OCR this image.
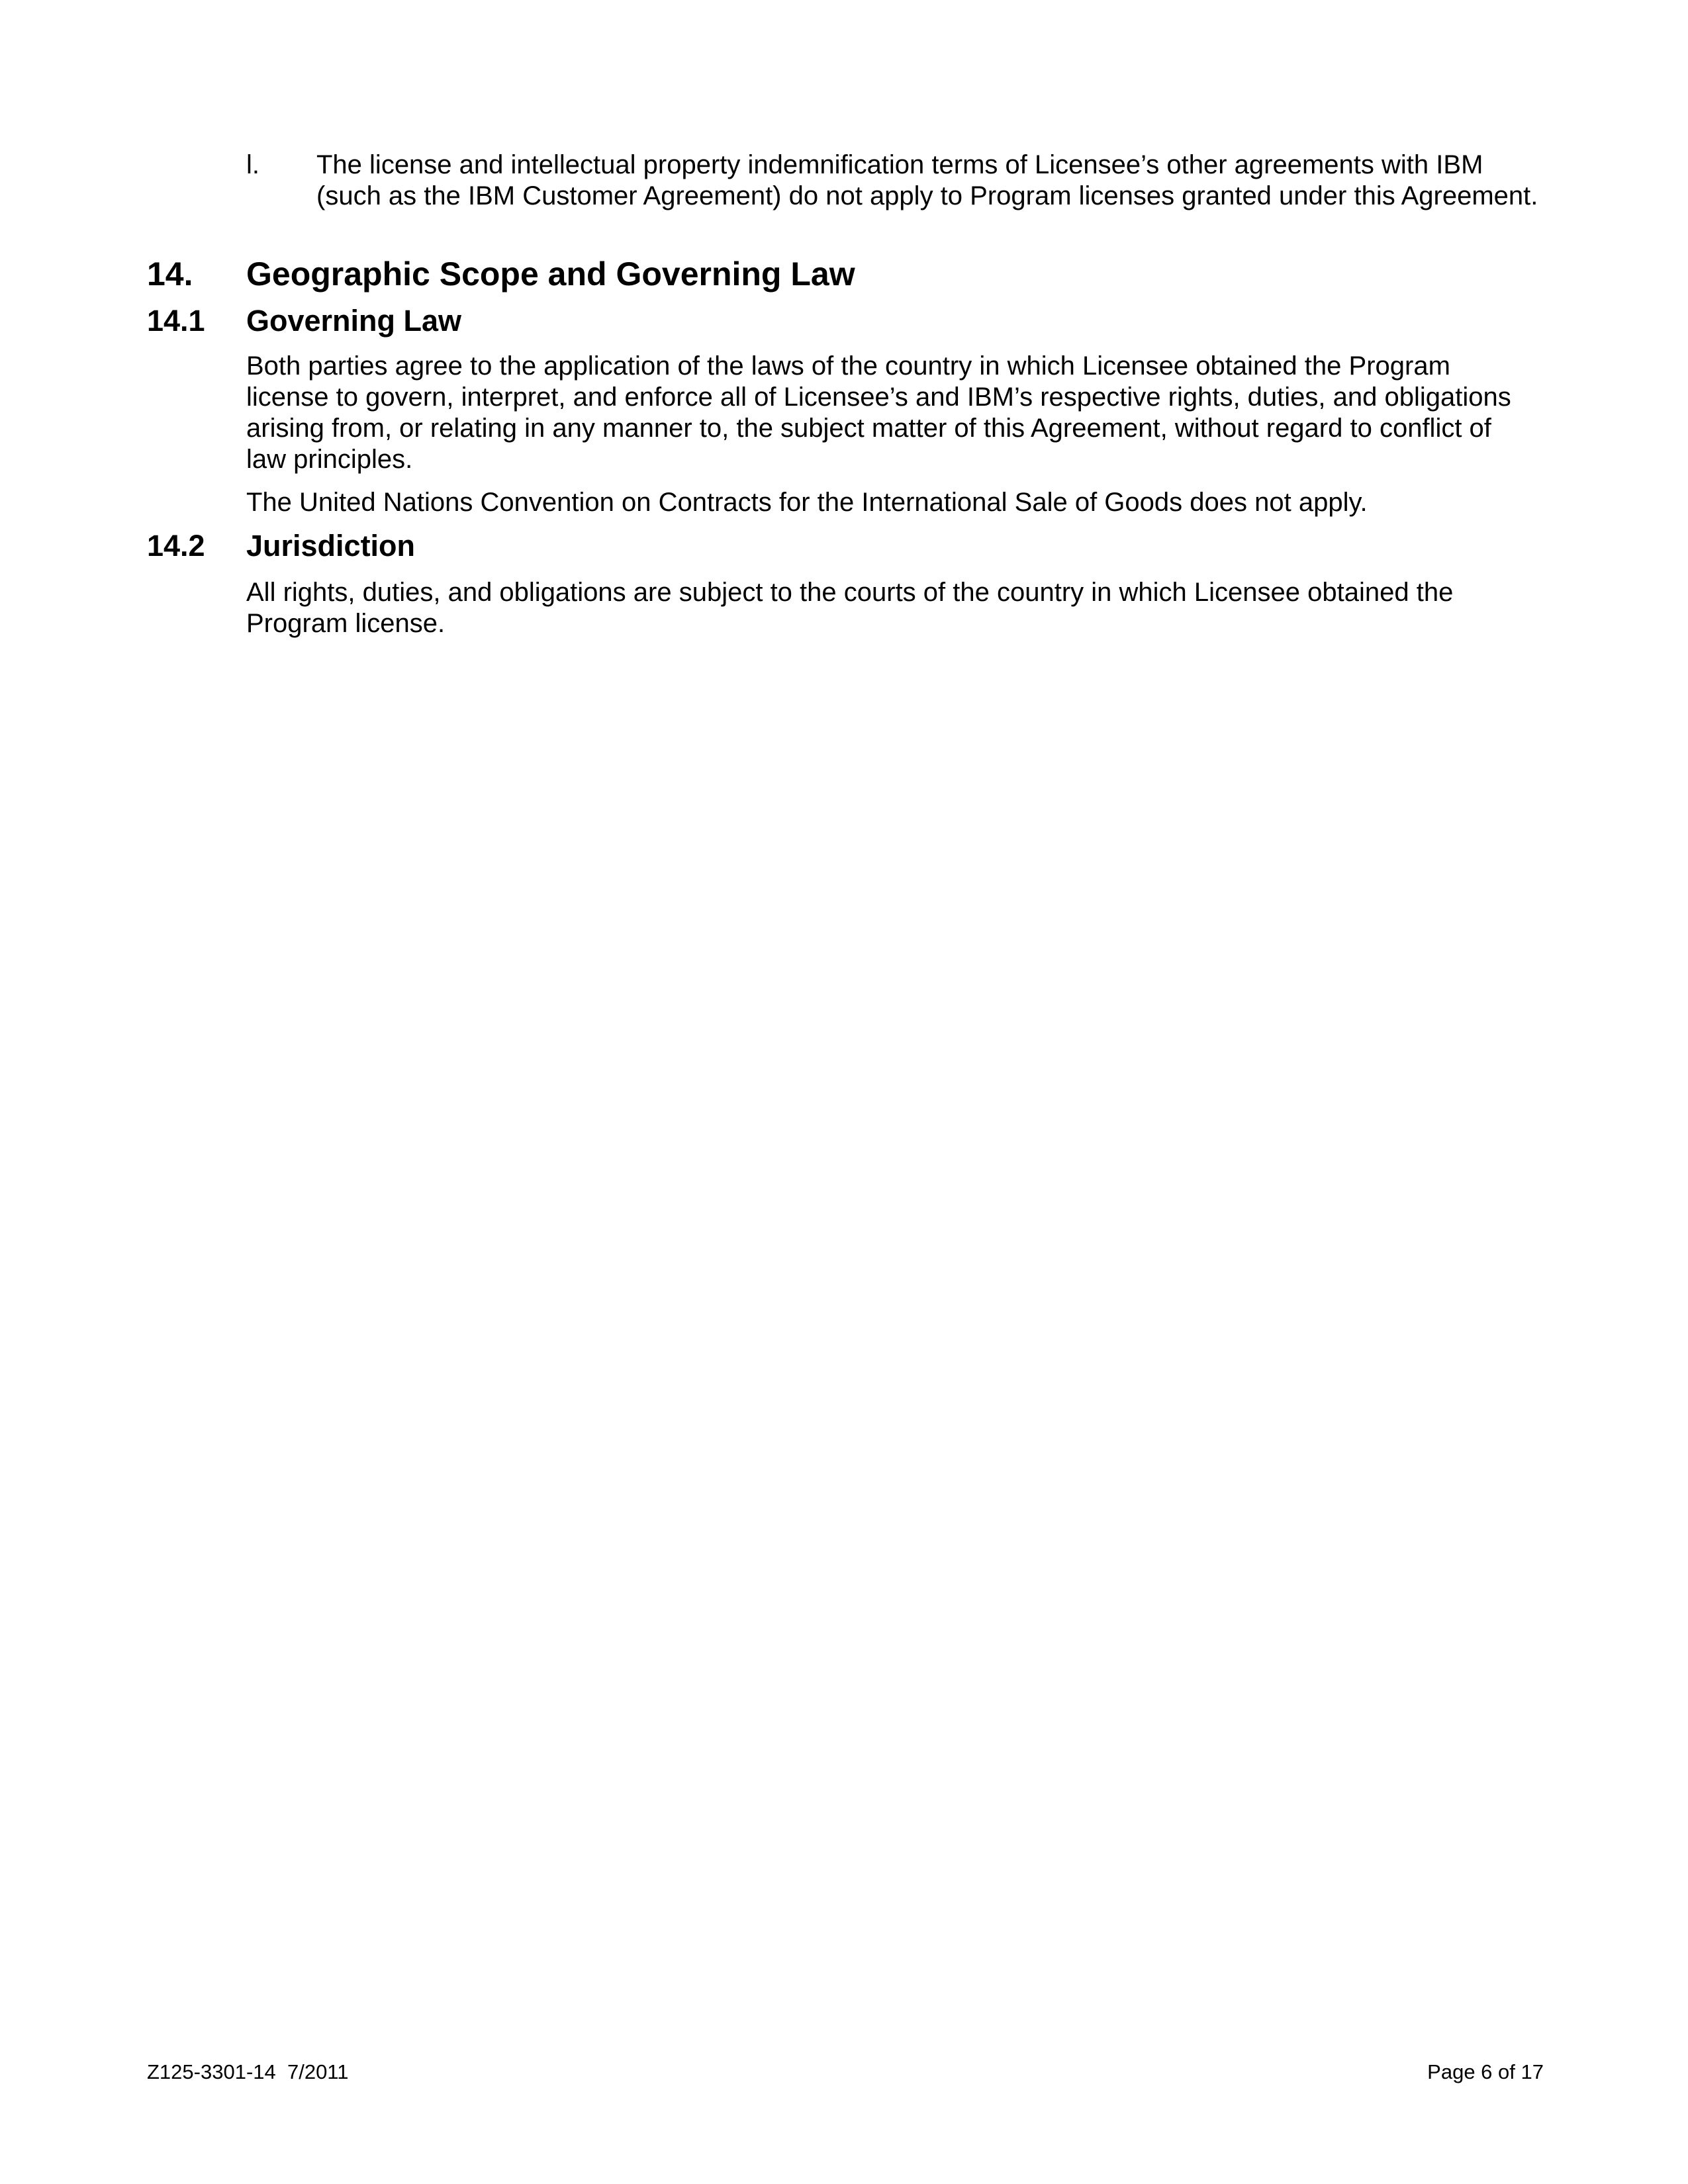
l.	The license and intellectual property indemnification terms of Licensee’s other agreements with IBM (such as the IBM Customer Agreement) do not apply to Program licenses granted under this Agreement.
14. Geographic Scope and Governing Law
14.1 Governing Law
Both parties agree to the application of the laws of the country in which Licensee obtained the Program license to govern, interpret, and enforce all of Licensee’s and IBM’s respective rights, duties, and obligations arising from, or relating in any manner to, the subject matter of this Agreement, without regard to conflict of law principles.
The United Nations Convention on Contracts for the International Sale of Goods does not apply.
14.2 Jurisdiction
All rights, duties, and obligations are subject to the courts of the country in which Licensee obtained the Program license.
Z125-3301-14  7/2011	Page 6 of 17
